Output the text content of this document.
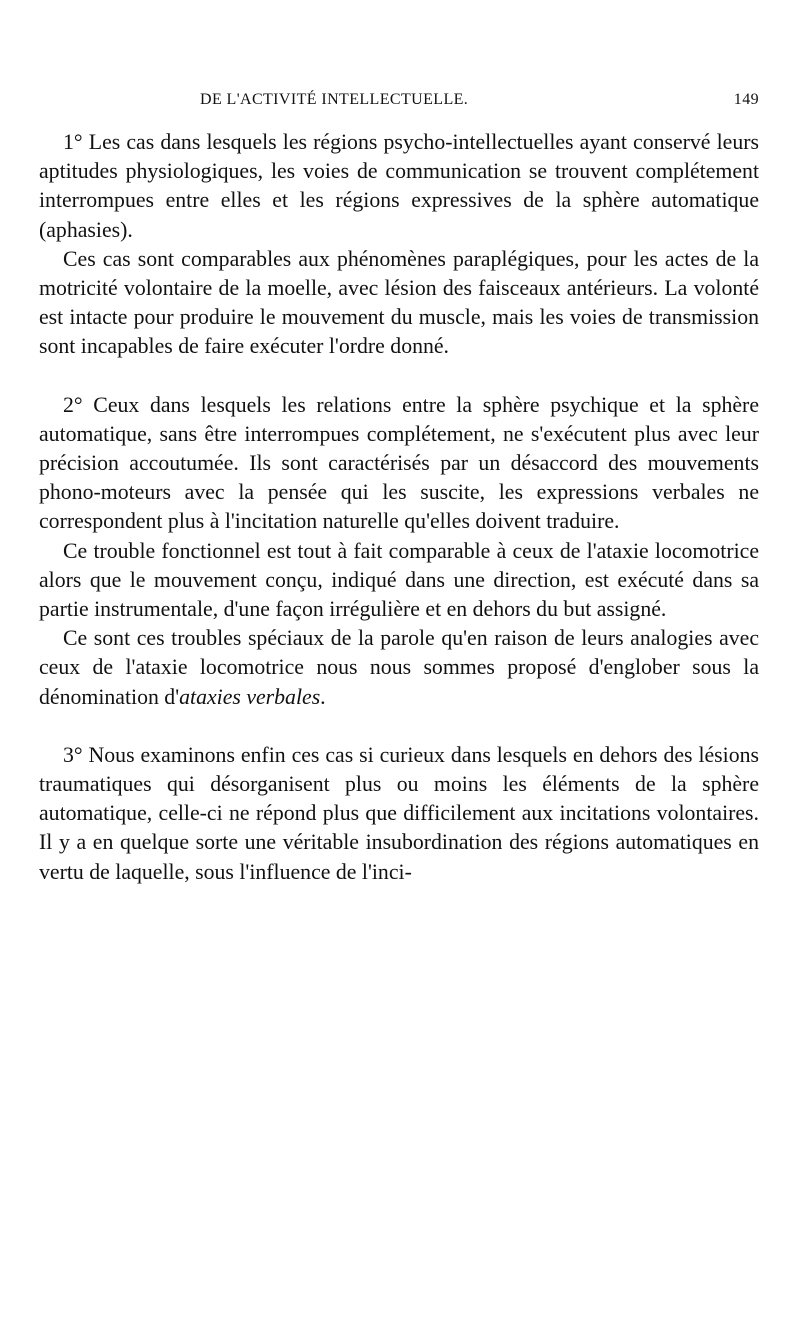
DE L'ACTIVITÉ INTELLECTUELLE.	149

1° Les cas dans lesquels les régions psycho-intellectuelles ayant conservé leurs aptitudes physiologiques, les voies de communication se trouvent complétement interrompues entre elles et les régions expressives de la sphère automatique (aphasies).

Ces cas sont comparables aux phénomènes paraplégiques, pour les actes de la motricité volontaire de la moelle, avec lésion des faisceaux antérieurs. La volonté est intacte pour produire le mouvement du muscle, mais les voies de transmission sont incapables de faire exécuter l'ordre donné.

2° Ceux dans lesquels les relations entre la sphère psychique et la sphère automatique, sans être interrompues complétement, ne s'exécutent plus avec leur précision accoutumée. Ils sont caractérisés par un désaccord des mouvements phono-moteurs avec la pensée qui les suscite, les expressions verbales ne correspondent plus à l'incitation naturelle qu'elles doivent traduire.

Ce trouble fonctionnel est tout à fait comparable à ceux de l'ataxie locomotrice alors que le mouvement conçu, indiqué dans une direction, est exécuté dans sa partie instrumentale, d'une façon irrégulière et en dehors du but assigné.

Ce sont ces troubles spéciaux de la parole qu'en raison de leurs analogies avec ceux de l'ataxie locomotrice nous nous sommes proposé d'englober sous la dénomination d'ataxies verbales.

3° Nous examinons enfin ces cas si curieux dans lesquels en dehors des lésions traumatiques qui désorganisent plus ou moins les éléments de la sphère automatique, celle-ci ne répond plus que difficilement aux incitations volontaires. Il y a en quelque sorte une véritable insubordination des régions automatiques en vertu de laquelle, sous l'influence de l'inci-
